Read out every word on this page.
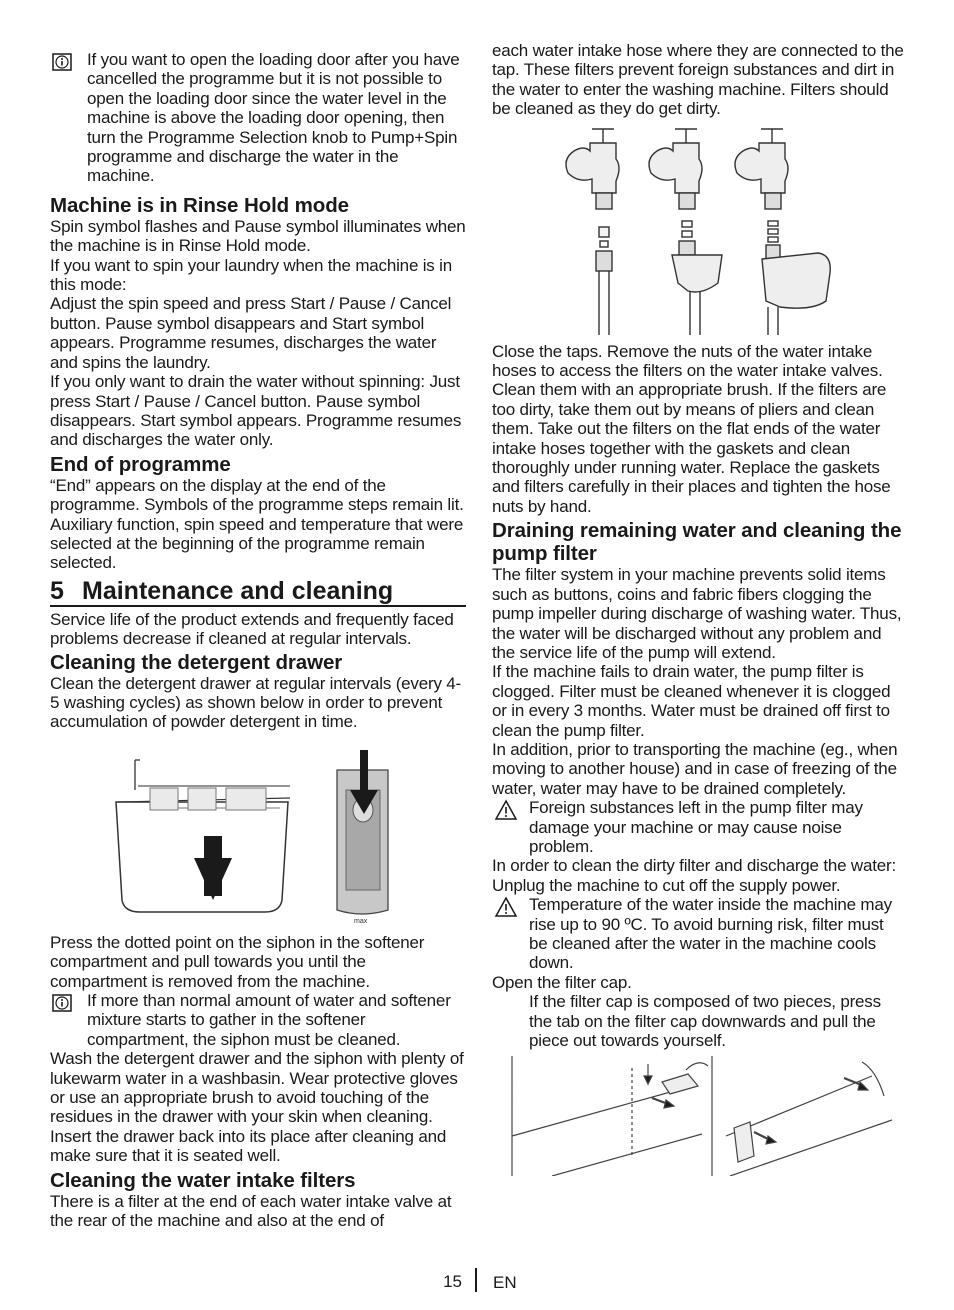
If you want to open the loading door after you have cancelled the programme but it is not possible to open the loading door since the water level in the machine is above the loading door opening, then turn the Programme Selection knob to Pump+Spin programme and discharge the water in the machine.

Machine is in Rinse Hold mode

Spin symbol flashes and Pause symbol illuminates when the machine is in Rinse Hold mode.

If you want to spin your laundry when the machine is in this mode:

Adjust the spin speed and press Start / Pause / Cancel button. Pause symbol disappears and Start symbol appears. Programme resumes, discharges the water and spins the laundry.

If you only want to drain the water without spinning: Just press Start / Pause / Cancel button. Pause symbol disappears. Start symbol appears. Programme resumes and discharges the water only.

End of programme

“End” appears on the display at the end of the programme. Symbols of the programme steps remain lit. Auxiliary function, spin speed and temperature that were selected at the beginning of the programme remain selected.

5 Maintenance and cleaning

Service life of the product extends and frequently faced problems decrease if cleaned at regular intervals.

Cleaning the detergent drawer

Clean the detergent drawer at regular intervals (every 4-5 washing cycles) as shown below in order to prevent accumulation of powder detergent in time.

max

Press the dotted point on the siphon in the softener compartment and pull towards you until the compartment is removed from the machine.

If more than normal amount of water and softener mixture starts to gather in the softener compartment, the siphon must be cleaned.

Wash the detergent drawer and the siphon with plenty of lukewarm water in a washbasin. Wear protective gloves or use an appropriate brush to avoid touching of the residues in the drawer with your skin when cleaning. Insert the drawer back into its place after cleaning and make sure that it is seated well.

Cleaning the water intake filters

There is a filter at the end of each water intake valve at the rear of the machine and also at the end of

each water intake hose where they are connected to the tap. These filters prevent foreign substances and dirt in the water to enter the washing machine. Filters should be cleaned as they do get dirty.

Close the taps. Remove the nuts of the water intake hoses to access the filters on the water intake valves. Clean them with an appropriate brush. If the filters are too dirty, take them out by means of pliers and clean them. Take out the filters on the flat ends of the water intake hoses together with the gaskets and clean thoroughly under running water. Replace the gaskets and filters carefully in their places and tighten the hose nuts by hand.

Draining remaining water and cleaning the pump filter

The filter system in your machine prevents solid items such as buttons, coins and fabric fibers clogging the pump impeller during discharge of washing water. Thus, the water will be discharged without any problem and the service life of the pump will extend.

If the machine fails to drain water, the pump filter is clogged. Filter must be cleaned whenever it is clogged or in every 3 months. Water must be drained off first to clean the pump filter.

In addition, prior to transporting the machine (eg., when moving to another house) and in case of freezing of the water, water may have to be drained completely.

Foreign substances left in the pump filter may damage your machine or may cause noise problem.

In order to clean the dirty filter and discharge the water:

Unplug the machine to cut off the supply power.

Temperature of the water inside the machine may rise up to 90 ºC. To avoid burning risk, filter must be cleaned after the water in the machine cools down.

Open the filter cap.

If the filter cap is composed of two pieces, press the tab on the filter cap downwards and pull the piece out towards yourself.

15 EN
